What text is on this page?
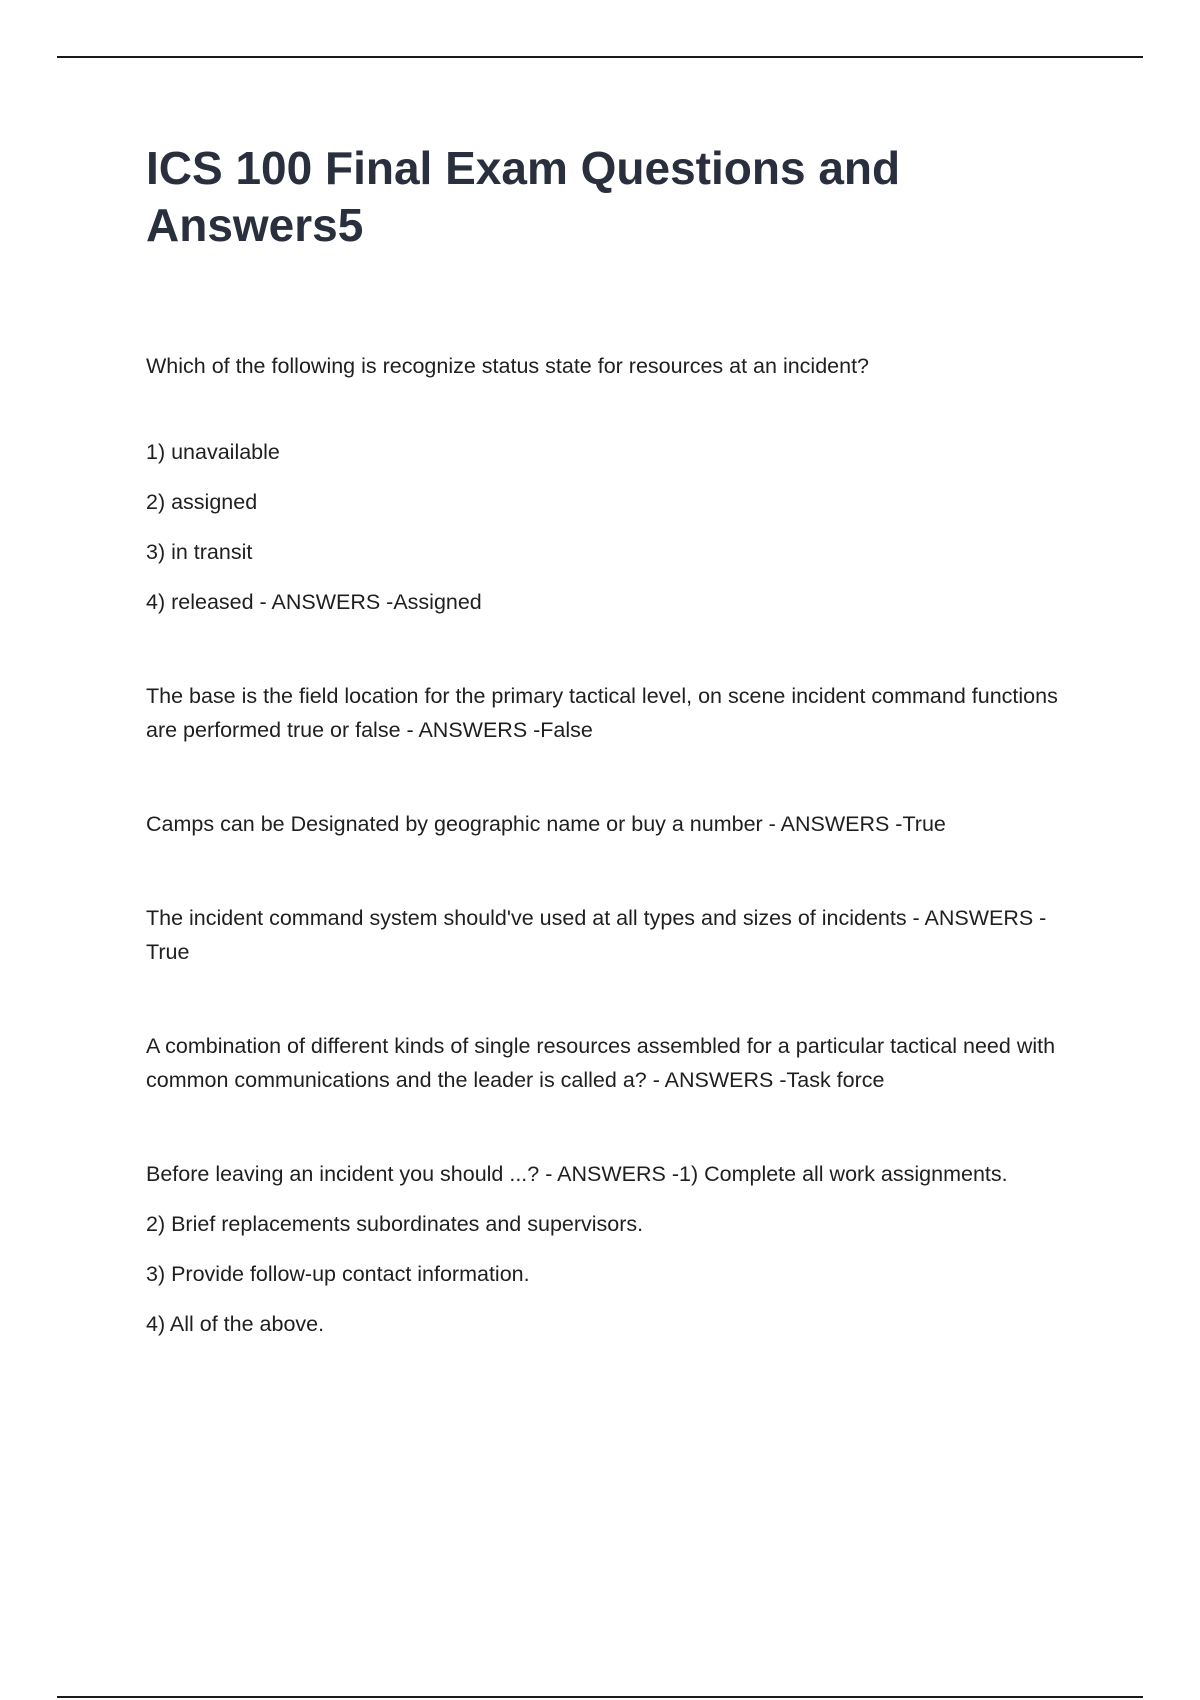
ICS 100 Final Exam Questions and Answers5

Which of the following is recognize status state for resources at an incident?

1) unavailable

2) assigned

3) in transit

4) released - ANSWERS -Assigned

The base is the field location for the primary tactical level, on scene incident command functions are performed true or false - ANSWERS -False

Camps can be Designated by geographic name or buy a number - ANSWERS -True

The incident command system should've used at all types and sizes of incidents - ANSWERS -True

A combination of different kinds of single resources assembled for a particular tactical need with common communications and the leader is called a? - ANSWERS -Task force

Before leaving an incident you should ...? - ANSWERS -1) Complete all work assignments.

2) Brief replacements subordinates and supervisors.

3) Provide follow-up contact information.

4) All of the above.
